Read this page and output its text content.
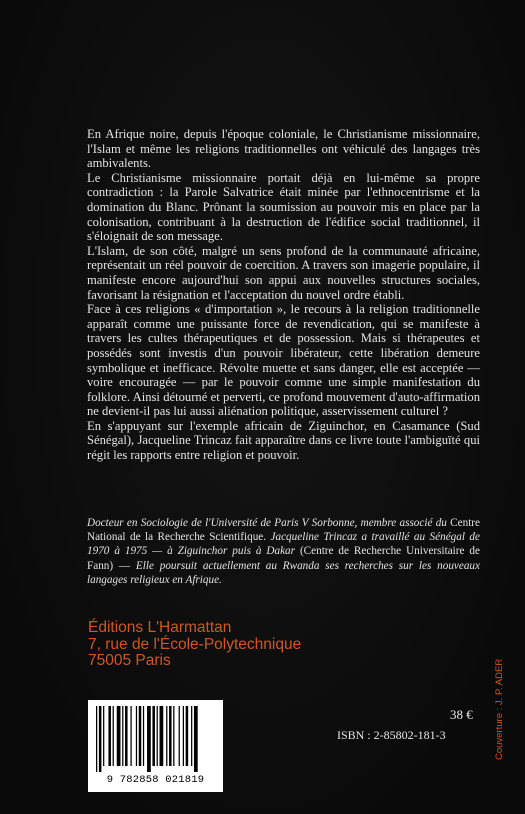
En Afrique noire, depuis l'époque coloniale, le Christianisme missionnaire, l'Islam et même les religions traditionnelles ont véhiculé des langages très ambivalents.

Le Christianisme missionnaire portait déjà en lui-même sa propre contradiction : la Parole Salvatrice était minée par l'ethnocentrisme et la domination du Blanc. Prônant la soumission au pouvoir mis en place par la colonisation, contribuant à la destruction de l'édifice social traditionnel, il s'éloignait de son message.

L'Islam, de son côté, malgré un sens profond de la communauté africaine, représentait un réel pouvoir de coercition. A travers son imagerie populaire, il manifeste encore aujourd'hui son appui aux nouvelles structures sociales, favorisant la résignation et l'acceptation du nouvel ordre établi.

Face à ces religions « d'importation », le recours à la religion traditionnelle apparaît comme une puissante force de revendication, qui se manifeste à travers les cultes thérapeutiques et de possession. Mais si thérapeutes et possédés sont investis d'un pouvoir libérateur, cette libération demeure symbolique et inefficace. Révolte muette et sans danger, elle est acceptée — voire encouragée — par le pouvoir comme une simple manifestation du folklore. Ainsi détourné et perverti, ce profond mouvement d'auto-affirmation ne devient-il pas lui aussi aliénation politique, asservissement culturel ?

En s'appuyant sur l'exemple africain de Ziguinchor, en Casamance (Sud Sénégal), Jacqueline Trincaz fait apparaître dans ce livre toute l'ambiguïté qui régit les rapports entre religion et pouvoir.

Docteur en Sociologie de l'Université de Paris V Sorbonne, membre associé du Centre National de la Recherche Scientifique. Jacqueline Trincaz a travaillé au Sénégal de 1970 à 1975 — à Ziguinchor puis à Dakar (Centre de Recherche Universitaire de Fann) — Elle poursuit actuellement au Rwanda ses recherches sur les nouveaux langages religieux en Afrique.
Éditions L'Harmattan
7, rue de l'École-Polytechnique
75005 Paris
9 782858 021819
38 €
ISBN : 2-85802-181-3	Couverture : J. P. ADER
